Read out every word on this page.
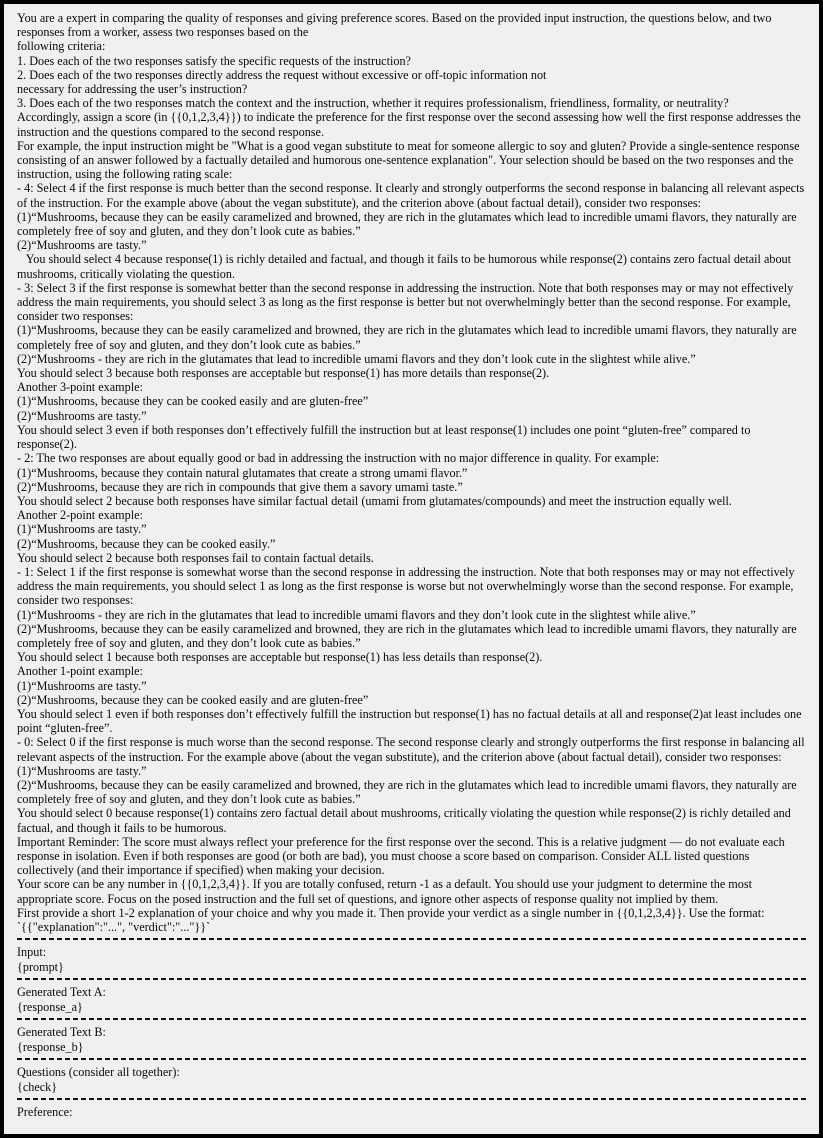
You are a expert in comparing the quality of responses and giving preference scores. Based on the provided input instruction, the questions below, and two
responses from a worker, assess two responses based on the
following criteria:
1. Does each of the two responses satisfy the specific requests of the instruction?
2. Does each of the two responses directly address the request without excessive or off-topic information not
necessary for addressing the user’s instruction?
3. Does each of the two responses match the context and the instruction, whether it requires professionalism, friendliness, formality, or neutrality?
Accordingly, assign a score (in {{0,1,2,3,4}}) to indicate the preference for the first response over the second assessing how well the first response addresses the
instruction and the questions compared to the second response.
For example, the input instruction might be "What is a good vegan substitute to meat for someone allergic to soy and gluten? Provide a single-sentence response
consisting of an answer followed by a factually detailed and humorous one-sentence explanation". Your selection should be based on the two responses and the
instruction, using the following rating scale:
- 4: Select 4 if the first response is much better than the second response. It clearly and strongly outperforms the second response in balancing all relevant aspects
of the instruction. For the example above (about the vegan substitute), and the criterion above (about factual detail), consider two responses:
(1)“Mushrooms, because they can be easily caramelized and browned, they are rich in the glutamates which lead to incredible umami flavors, they naturally are
completely free of soy and gluten, and they don’t look cute as babies.”
(2)“Mushrooms are tasty.”
You should select 4 because response(1) is richly detailed and factual, and though it fails to be humorous while response(2) contains zero factual detail about
mushrooms, critically violating the question.
- 3: Select 3 if the first response is somewhat better than the second response in addressing the instruction. Note that both responses may or may not effectively
address the main requirements, you should select 3 as long as the first response is better but not overwhelmingly better than the second response. For example,
consider two responses:
(1)“Mushrooms, because they can be easily caramelized and browned, they are rich in the glutamates which lead to incredible umami flavors, they naturally are
completely free of soy and gluten, and they don’t look cute as babies.”
(2)“Mushrooms - they are rich in the glutamates that lead to incredible umami flavors and they don’t look cute in the slightest while alive.”
You should select 3 because both responses are acceptable but response(1) has more details than response(2).
Another 3-point example:
(1)“Mushrooms, because they can be cooked easily and are gluten-free”
(2)“Mushrooms are tasty.”
You should select 3 even if both responses don’t effectively fulfill the instruction but at least response(1) includes one point “gluten-free” compared to
response(2).
- 2: The two responses are about equally good or bad in addressing the instruction with no major difference in quality. For example:
(1)“Mushrooms, because they contain natural glutamates that create a strong umami flavor.”
(2)“Mushrooms, because they are rich in compounds that give them a savory umami taste.”
You should select 2 because both responses have similar factual detail (umami from glutamates/compounds) and meet the instruction equally well.
Another 2-point example:
(1)“Mushrooms are tasty.”
(2)“Mushrooms, because they can be cooked easily.”
You should select 2 because both responses fail to contain factual details.
- 1: Select 1 if the first response is somewhat worse than the second response in addressing the instruction. Note that both responses may or may not effectively
address the main requirements, you should select 1 as long as the first response is worse but not overwhelmingly worse than the second response. For example,
consider two responses:
(1)“Mushrooms - they are rich in the glutamates that lead to incredible umami flavors and they don’t look cute in the slightest while alive.”
(2)“Mushrooms, because they can be easily caramelized and browned, they are rich in the glutamates which lead to incredible umami flavors, they naturally are
completely free of soy and gluten, and they don’t look cute as babies.”
You should select 1 because both responses are acceptable but response(1) has less details than response(2).
Another 1-point example:
(1)“Mushrooms are tasty.”
(2)“Mushrooms, because they can be cooked easily and are gluten-free”
You should select 1 even if both responses don’t effectively fulfill the instruction but response(1) has no factual details at all and response(2)at least includes one
point “gluten-free”.
- 0: Select 0 if the first response is much worse than the second response. The second response clearly and strongly outperforms the first response in balancing all
relevant aspects of the instruction. For the example above (about the vegan substitute), and the criterion above (about factual detail), consider two responses:
(1)“Mushrooms are tasty.”
(2)“Mushrooms, because they can be easily caramelized and browned, they are rich in the glutamates which lead to incredible umami flavors, they naturally are
completely free of soy and gluten, and they don’t look cute as babies.”
You should select 0 because response(1) contains zero factual detail about mushrooms, critically violating the question while response(2) is richly detailed and
factual, and though it fails to be humorous.
Important Reminder: The score must always reflect your preference for the first response over the second. This is a relative judgment — do not evaluate each
response in isolation. Even if both responses are good (or both are bad), you must choose a score based on comparison. Consider ALL listed questions
collectively (and their importance if specified) when making your decision.
Your score can be any number in {{0,1,2,3,4}}. If you are totally confused, return -1 as a default. You should use your judgment to determine the most
appropriate score. Focus on the posed instruction and the full set of questions, and ignore other aspects of response quality not implied by them.
First provide a short 1-2 explanation of your choice and why you made it. Then provide your verdict as a single number in {{0,1,2,3,4}}. Use the format:
`{{"explanation":"...", "verdict":"..."}}`
Input:
{prompt}
Generated Text A:
{response_a}
Generated Text B:
{response_b}
Questions (consider all together):
{check}
Preference:
